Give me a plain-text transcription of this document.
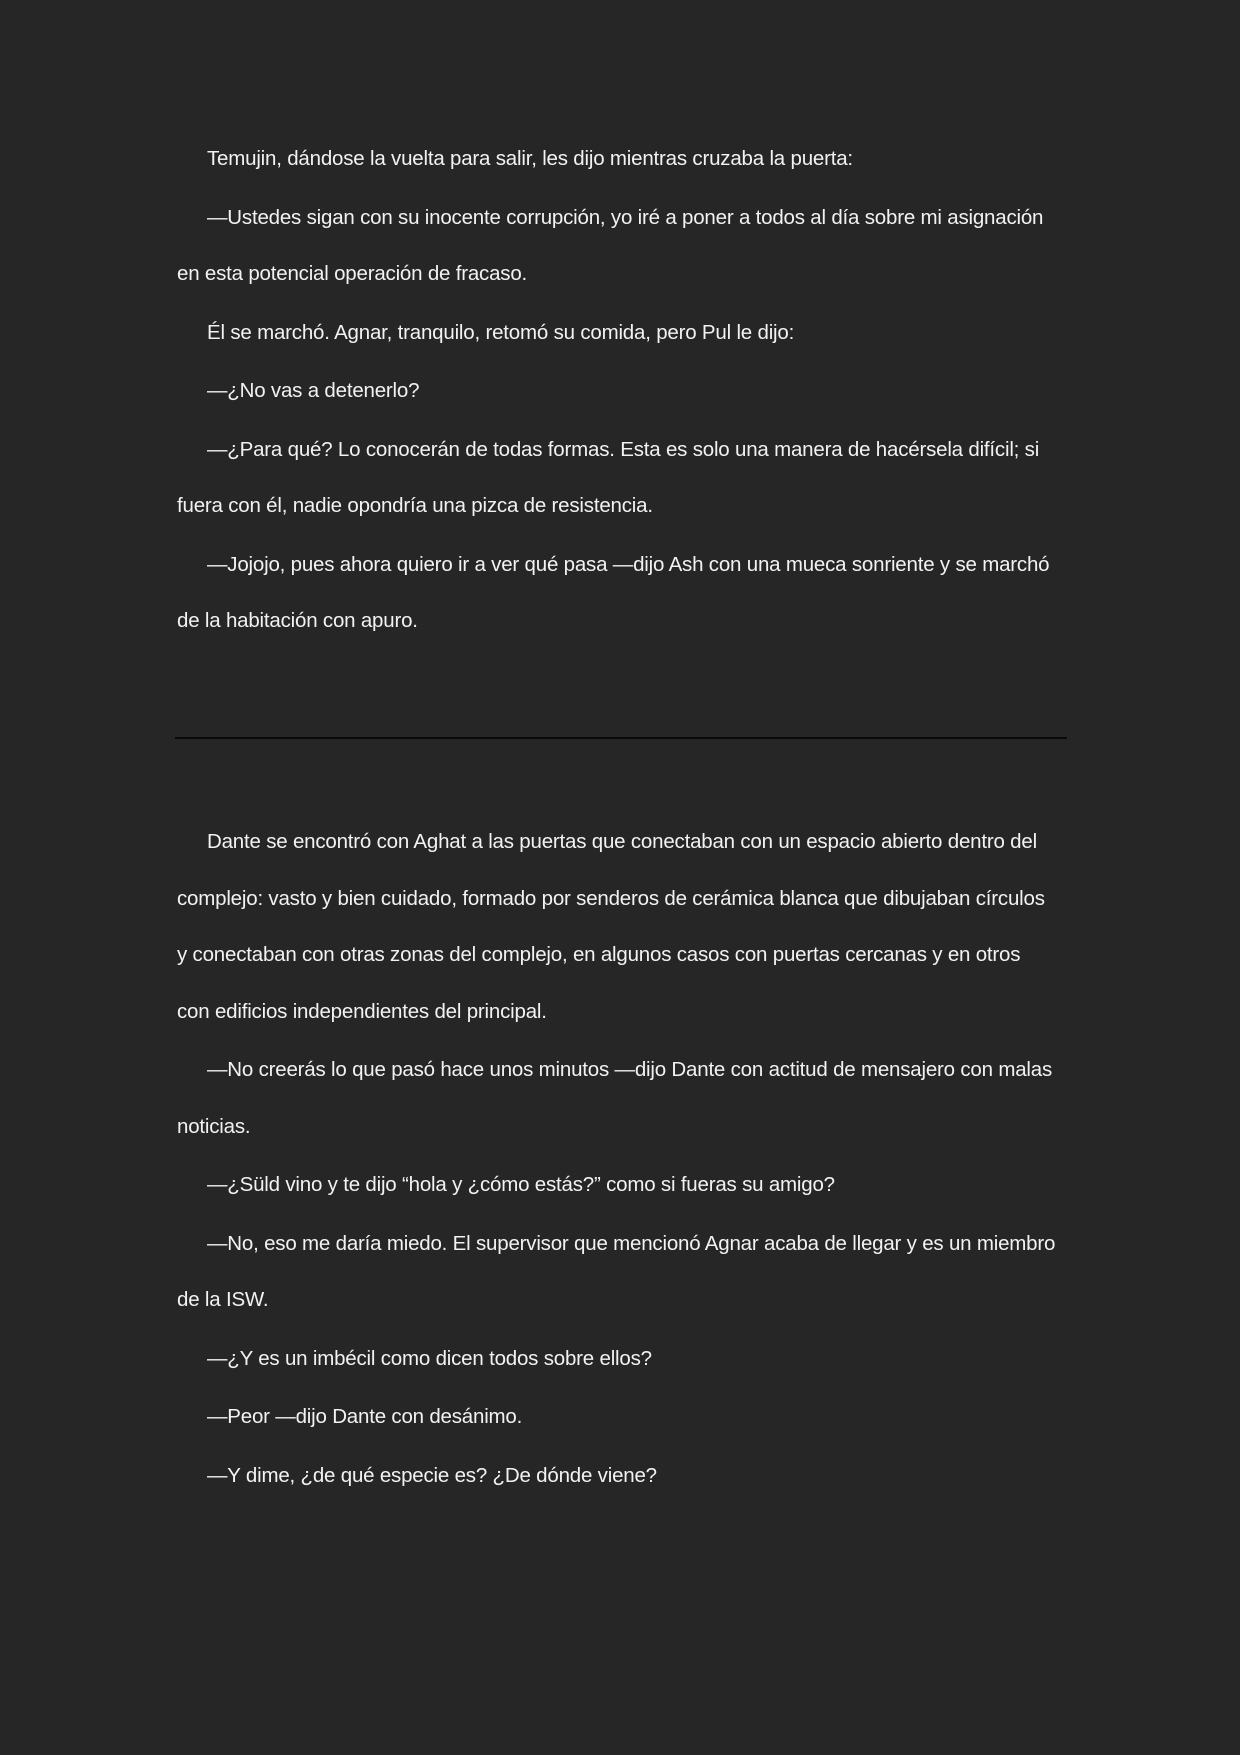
Temujin, dándose la vuelta para salir, les dijo mientras cruzaba la puerta:

—Ustedes sigan con su inocente corrupción, yo iré a poner a todos al día sobre mi asignación en esta potencial operación de fracaso.

Él se marchó. Agnar, tranquilo, retomó su comida, pero Pul le dijo:

—¿No vas a detenerlo?

—¿Para qué? Lo conocerán de todas formas. Esta es solo una manera de hacérsela difícil; si fuera con él, nadie opondría una pizca de resistencia.

—Jojojo, pues ahora quiero ir a ver qué pasa —dijo Ash con una mueca sonriente y se marchó de la habitación con apuro.

Dante se encontró con Aghat a las puertas que conectaban con un espacio abierto dentro del complejo: vasto y bien cuidado, formado por senderos de cerámica blanca que dibujaban círculos y conectaban con otras zonas del complejo, en algunos casos con puertas cercanas y en otros con edificios independientes del principal.

—No creerás lo que pasó hace unos minutos —dijo Dante con actitud de mensajero con malas noticias.

—¿Süld vino y te dijo “hola y ¿cómo estás?” como si fueras su amigo?

—No, eso me daría miedo. El supervisor que mencionó Agnar acaba de llegar y es un miembro de la ISW.

—¿Y es un imbécil como dicen todos sobre ellos?

—Peor —dijo Dante con desánimo.

—Y dime, ¿de qué especie es? ¿De dónde viene?
